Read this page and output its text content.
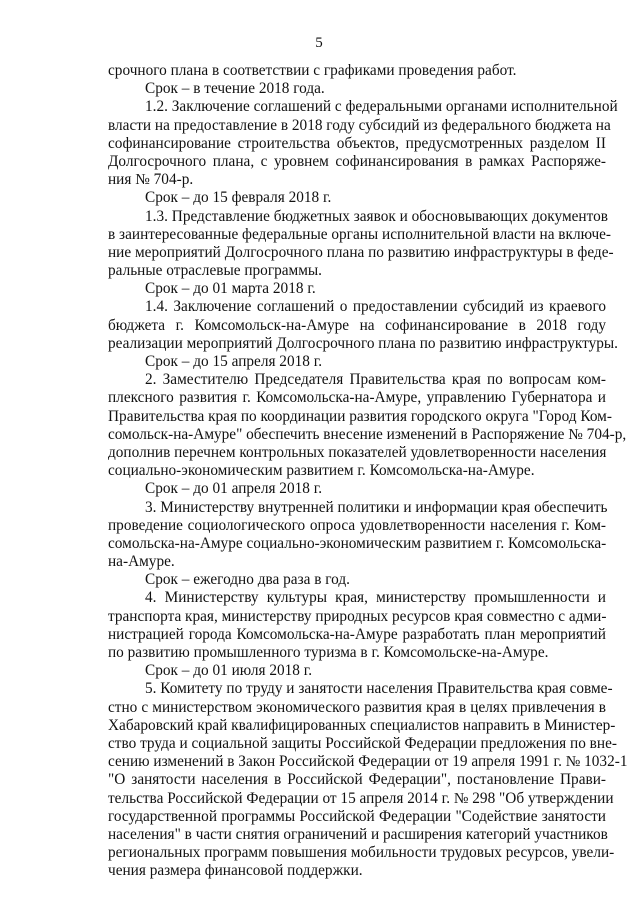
5
срочного плана в соответствии с графиками проведения работ.
Срок – в течение 2018 года.
1.2. Заключение соглашений с федеральными органами исполнительной
власти на предоставление в 2018 году субсидий из федерального бюджета на
софинансирование строительства объектов, предусмотренных разделом II
Долгосрочного плана, с уровнем софинансирования в рамках Распоряже-
ния № 704-р.
Срок – до 15 февраля 2018 г.
1.3. Представление бюджетных заявок и обосновывающих документов
в заинтересованные федеральные органы исполнительной власти на включе-
ние мероприятий Долгосрочного плана по развитию инфраструктуры в феде-
ральные отраслевые программы.
Срок – до 01 марта 2018 г.
1.4. Заключение соглашений о предоставлении субсидий из краевого
бюджета г. Комсомольск-на-Амуре на софинансирование в 2018 году
реализации мероприятий Долгосрочного плана по развитию инфраструктуры.
Срок – до 15 апреля 2018 г.
2. Заместителю Председателя Правительства края по вопросам ком-
плексного развития г. Комсомольска-на-Амуре, управлению Губернатора и
Правительства края по координации развития городского округа "Город Ком-
сомольск-на-Амуре" обеспечить внесение изменений в Распоряжение № 704-р,
дополнив перечнем контрольных показателей удовлетворенности населения
социально-экономическим развитием г. Комсомольска-на-Амуре.
Срок – до 01 апреля 2018 г.
3. Министерству внутренней политики и информации края обеспечить
проведение социологического опроса удовлетворенности населения г. Ком-
сомольска-на-Амуре социально-экономическим развитием г. Комсомольска-
на-Амуре.
Срок – ежегодно два раза в год.
4. Министерству культуры края, министерству промышленности и
транспорта края, министерству природных ресурсов края совместно с адми-
нистрацией города Комсомольска-на-Амуре разработать план мероприятий
по развитию промышленного туризма в г. Комсомольске-на-Амуре.
Срок – до 01 июля 2018 г.
5. Комитету по труду и занятости населения Правительства края совме-
стно с министерством экономического развития края в целях привлечения в
Хабаровский край квалифицированных специалистов направить в Министер-
ство труда и социальной защиты Российской Федерации предложения по вне-
сению изменений в Закон Российской Федерации от 19 апреля 1991 г. № 1032-1
"О занятости населения в Российской Федерации", постановление Прави-
тельства Российской Федерации от 15 апреля 2014 г. № 298 "Об утверждении
государственной программы Российской Федерации "Содействие занятости
населения" в части снятия ограничений и расширения категорий участников
региональных программ повышения мобильности трудовых ресурсов, увели-
чения размера финансовой поддержки.
